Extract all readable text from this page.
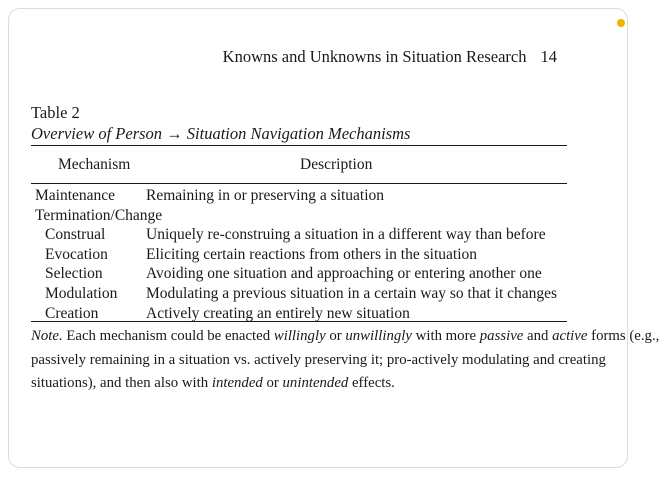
Knowns and Unknowns in Situation Research 14
Table 2
Overview of Person → Situation Navigation Mechanisms
Mechanism	Description
Maintenance Remaining in or preserving a situation
Termination/Change
Construal	Uniquely re-construing a situation in a different way than before
Evocation Eliciting certain reactions from others in the situation
Selection	Avoiding one situation and approaching or entering another one
Modulation Modulating a previous situation in a certain way so that it changes
Creation	Actively creating an entirely new situation
Note. Each mechanism could be enacted willingly or unwillingly with more passive and active forms (e.g.,
passively remaining in a situation vs. actively preserving it; pro-actively modulating and creating
situations), and then also with intended or unintended effects.
